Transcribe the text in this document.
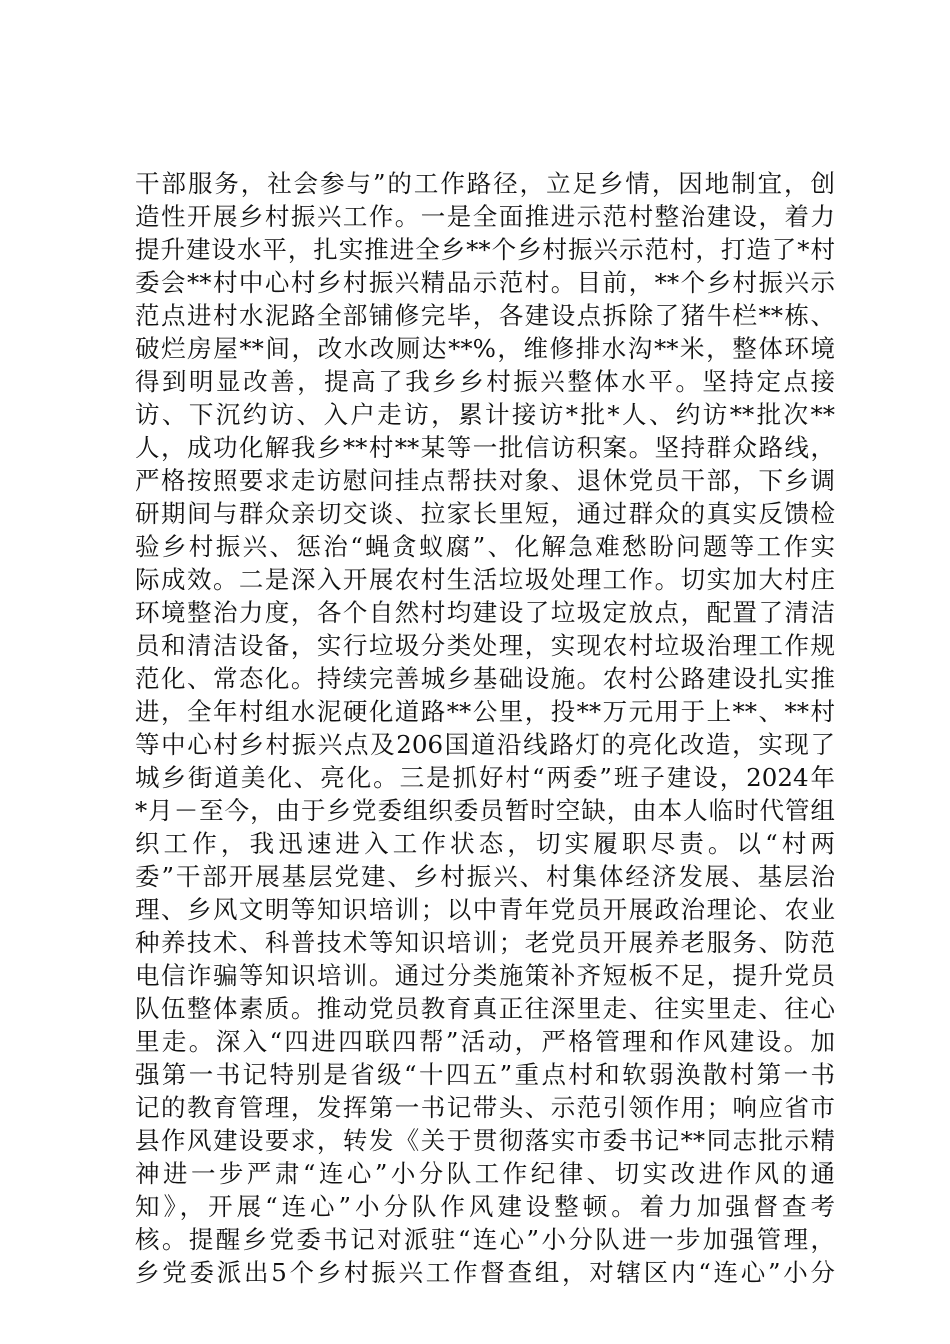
干部服务，社会参与”的工作路径，立足乡情，因地制宜，创
造性开展乡村振兴工作。一是全面推进示范村整治建设，着力
提升建设水平，扎实推进全乡**个乡村振兴示范村，打造了*村
委会**村中心村乡村振兴精品示范村。目前，**个乡村振兴示
范点进村水泥路全部铺修完毕，各建设点拆除了猪牛栏**栋、
破烂房屋**间，改水改厕达**%，维修排水沟**米，整体环境
得到明显改善，提高了我乡乡村振兴整体水平。坚持定点接
访、下沉约访、入户走访，累计接访*批*人、约访**批次**
人，成功化解我乡**村**某等一批信访积案。坚持群众路线，
严格按照要求走访慰问挂点帮扶对象、退休党员干部，下乡调
研期间与群众亲切交谈、拉家长里短，通过群众的真实反馈检
验乡村振兴、惩治“蝇贪蚁腐”、化解急难愁盼问题等工作实
际成效。二是深入开展农村生活垃圾处理工作。切实加大村庄
环境整治力度，各个自然村均建设了垃圾定放点，配置了清洁
员和清洁设备，实行垃圾分类处理，实现农村垃圾治理工作规
范化、常态化。持续完善城乡基础设施。农村公路建设扎实推
进，全年村组水泥硬化道路**公里，投**万元用于上**、**村
等中心村乡村振兴点及206国道沿线路灯的亮化改造，实现了
城乡街道美化、亮化。三是抓好村“两委”班子建设，2024年
*月－至今，由于乡党委组织委员暂时空缺，由本人临时代管组
织工作，我迅速进入工作状态，切实履职尽责。以“村两
委”干部开展基层党建、乡村振兴、村集体经济发展、基层治
理、乡风文明等知识培训；以中青年党员开展政治理论、农业
种养技术、科普技术等知识培训；老党员开展养老服务、防范
电信诈骗等知识培训。通过分类施策补齐短板不足，提升党员
队伍整体素质。推动党员教育真正往深里走、往实里走、往心
里走。深入“四进四联四帮”活动，严格管理和作风建设。加
强第一书记特别是省级“十四五”重点村和软弱涣散村第一书
记的教育管理，发挥第一书记带头、示范引领作用；响应省市
县作风建设要求，转发《关于贯彻落实市委书记**同志批示精
神进一步严肃“连心”小分队工作纪律、切实改进作风的通
知》，开展“连心”小分队作风建设整顿。着力加强督查考
核。提醒乡党委书记对派驻“连心”小分队进一步加强管理，
乡党委派出5个乡村振兴工作督查组，对辖区内“连心”小分
